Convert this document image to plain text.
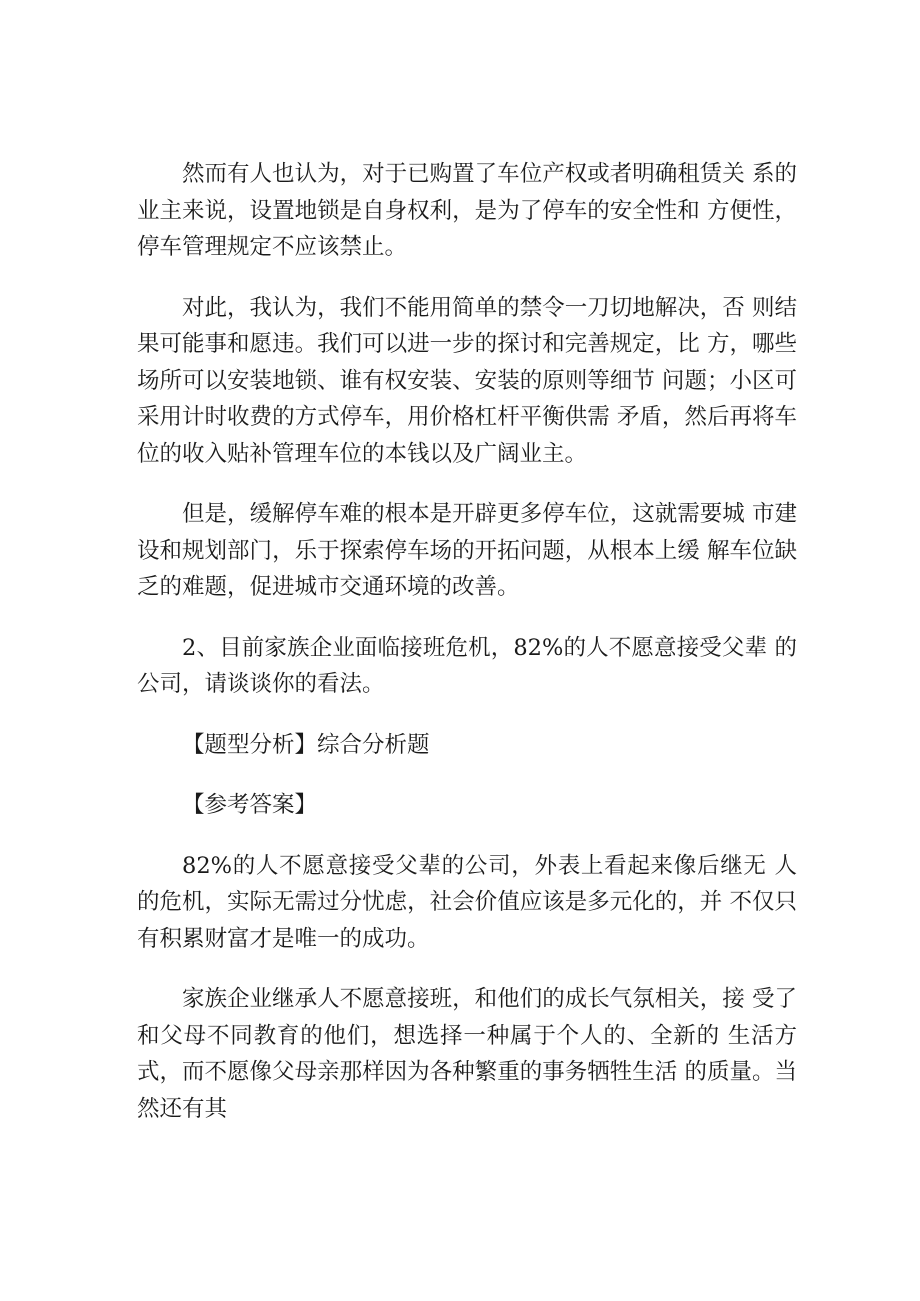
然而有人也认为，对于已购置了车位产权或者明确租赁关 系的业主来说，设置地锁是自身权利，是为了停车的安全性和 方便性，停车管理规定不应该禁止。

对此，我认为，我们不能用简单的禁令一刀切地解决，否 则结果可能事和愿违。我们可以进一步的探讨和完善规定，比 方，哪些场所可以安装地锁、谁有权安装、安装的原则等细节 问题；小区可采用计时收费的方式停车，用价格杠杆平衡供需 矛盾，然后再将车位的收入贴补管理车位的本钱以及广阔业主。

但是，缓解停车难的根本是开辟更多停车位，这就需要城 市建设和规划部门，乐于探索停车场的开拓问题，从根本上缓 解车位缺乏的难题，促进城市交通环境的改善。

2、目前家族企业面临接班危机，82%的人不愿意接受父辈 的公司，请谈谈你的看法。

【题型分析】综合分析题

【参考答案】

82%的人不愿意接受父辈的公司，外表上看起来像后继无 人的危机，实际无需过分忧虑，社会价值应该是多元化的，并 不仅只有积累财富才是唯一的成功。

家族企业继承人不愿意接班，和他们的成长气氛相关，接 受了和父母不同教育的他们，想选择一种属于个人的、全新的 生活方式，而不愿像父母亲那样因为各种繁重的事务牺牲生活 的质量。当然还有其
